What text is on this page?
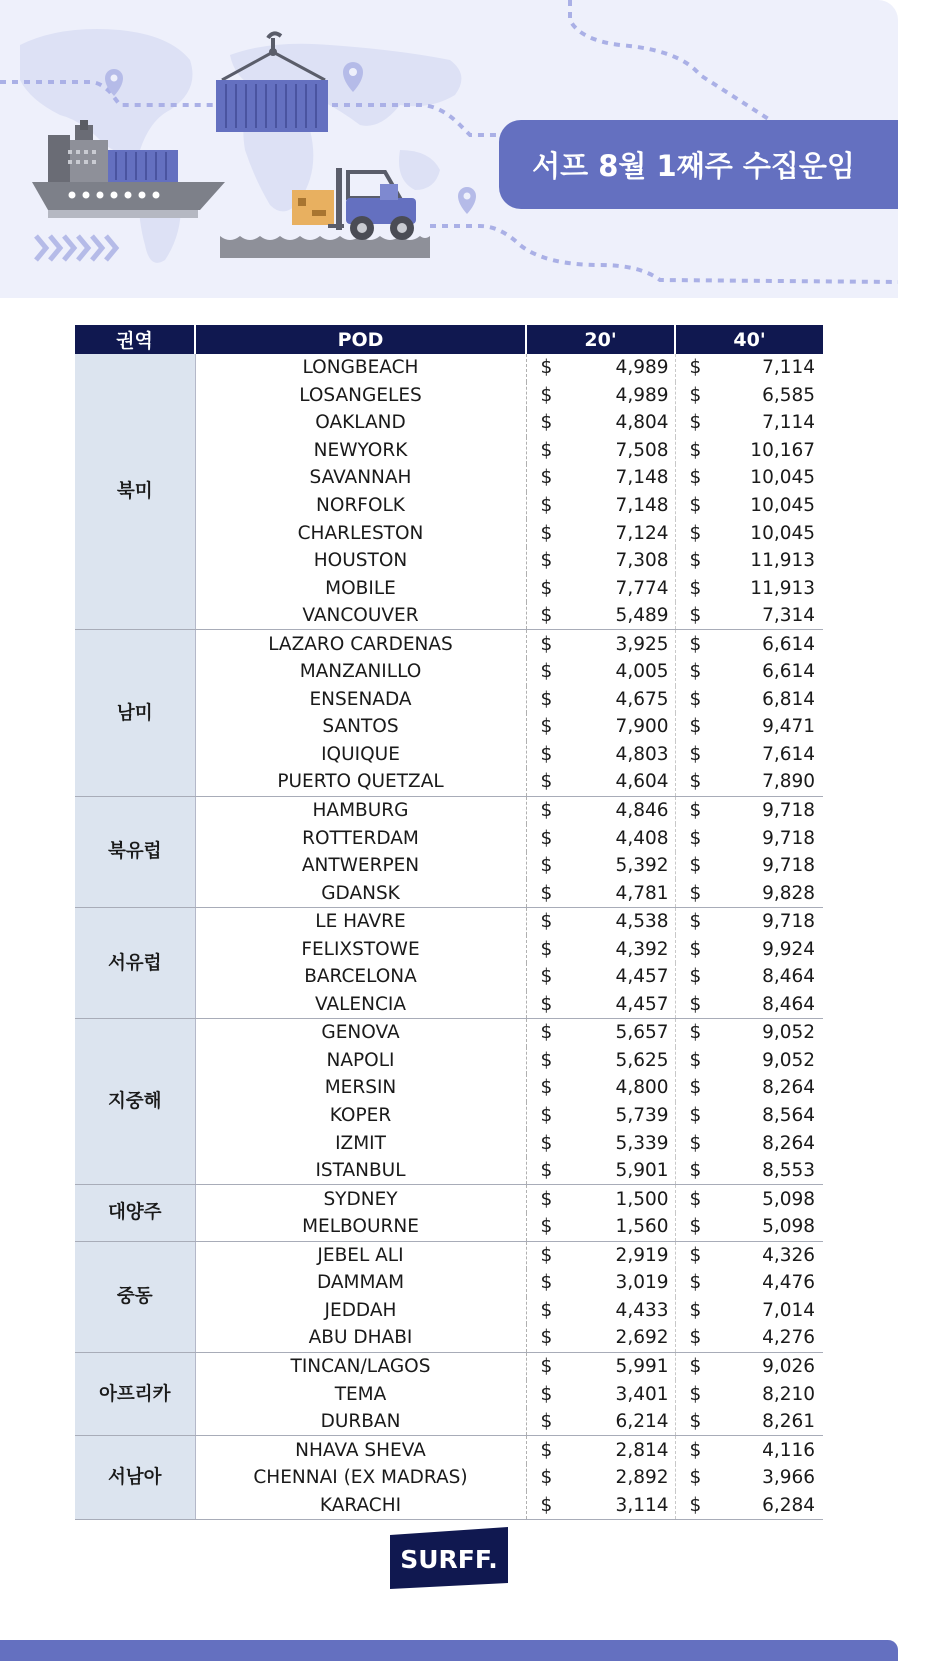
서프 8월 1째주 수집운임
권역	POD	20'		40'	
북미	LONGBEACH	$	4,989	$	7,114
	LOSANGELES	$	4,989	$	6,585
	OAKLAND	$	4,804	$	7,114
	NEWYORK	$	7,508	$	10,167
	SAVANNAH	$	7,148	$	10,045
	NORFOLK	$	7,148	$	10,045
	CHARLESTON	$	7,124	$	10,045
	HOUSTON	$	7,308	$	11,913
	MOBILE	$	7,774	$	11,913
	VANCOUVER	$	5,489	$	7,314
남미	LAZARO CARDENAS	$	3,925	$	6,614
	MANZANILLO	$	4,005	$	6,614
	ENSENADA	$	4,675	$	6,814
	SANTOS	$	7,900	$	9,471
	IQUIQUE	$	4,803	$	7,614
	PUERTO QUETZAL	$	4,604	$	7,890
북유럽	HAMBURG	$	4,846	$	9,718
	ROTTERDAM	$	4,408	$	9,718
	ANTWERPEN	$	5,392	$	9,718
	GDANSK	$	4,781	$	9,828
서유럽	LE HAVRE	$	4,538	$	9,718
	FELIXSTOWE	$	4,392	$	9,924
	BARCELONA	$	4,457	$	8,464
	VALENCIA	$	4,457	$	8,464
지중해	GENOVA	$	5,657	$	9,052
	NAPOLI	$	5,625	$	9,052
	MERSIN	$	4,800	$	8,264
	KOPER	$	5,739	$	8,564
	IZMIT	$	5,339	$	8,264
	ISTANBUL	$	5,901	$	8,553
대양주	SYDNEY	$	1,500	$	5,098
	MELBOURNE	$	1,560	$	5,098
중동	JEBEL ALI	$	2,919	$	4,326
	DAMMAM	$	3,019	$	4,476
	JEDDAH	$	4,433	$	7,014
	ABU DHABI	$	2,692	$	4,276
아프리카	TINCAN/LAGOS	$	5,991	$	9,026
	TEMA	$	3,401	$	8,210
	DURBAN	$	6,214	$	8,261
서남아	NHAVA SHEVA	$	2,814	$	4,116
	CHENNAI (EX MADRAS)	$	2,892	$	3,966
	KARACHI	$	3,114	$	6,284
SURFF.
